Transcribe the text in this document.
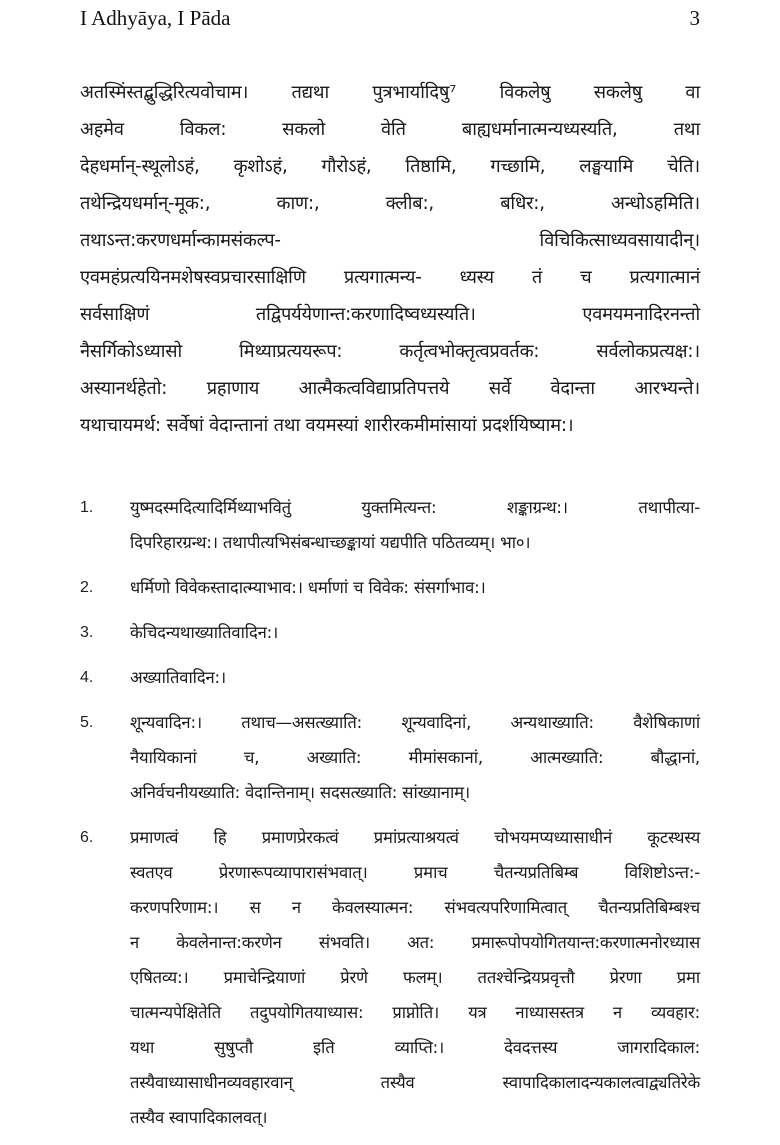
I Adhyāya, I Pāda	3
अतस्मिंस्तद्बुद्धिरित्यवोचाम। तद्यथा पुत्रभार्यादिषु⁷ विकलेषु सकलेषु वा
अहमेव विकल: सकलो वेति बाह्यधर्मानात्मन्यध्यस्यति, तथा
देहधर्मान्-स्थूलोऽहं, कृशोऽहं, गौरोऽहं, तिष्ठामि, गच्छामि, लङ्घयामि चेति।
तथेन्द्रियधर्मान्-मूक:, काण:, क्लीब:, बधिर:, अन्धोऽहमिति।
तथाऽन्त:करणधर्मान्कामसंकल्प- विचिकित्साध्यवसायादीन्।
एवमहंप्रत्ययिनमशेषस्वप्रचारसाक्षिणि प्रत्यगात्मन्य- ध्यस्य तं च प्रत्यगात्मानं
सर्वसाक्षिणं तद्विपर्ययेणान्त:करणादिष्वध्यस्यति। एवमयमनादिरनन्तो
नैसर्गिकोऽध्यासो मिथ्याप्रत्ययरूप: कर्तृत्वभोक्तृत्वप्रवर्तक: सर्वलोकप्रत्यक्ष:।
अस्यानर्थहेतो: प्रहाणाय आत्मैकत्वविद्याप्रतिपत्तये सर्वे वेदान्ता आरभ्यन्ते।
यथाचायमर्थ: सर्वेषां वेदान्तानां तथा वयमस्यां शारीरकमीमांसायां प्रदर्शयिष्याम:।
1.	युष्मदस्मदित्यादिर्मिथ्याभवितुं युक्तमित्यन्त: शङ्काग्रन्थ:। तथापीत्या-
दिपरिहारग्रन्थ:। तथापीत्यभिसंबन्धाच्छङ्कायां यद्यपीति पठितव्यम्। भा०।
2.	धर्मिणो विवेकस्तादात्म्याभाव:। धर्माणां च विवेक: संसर्गाभाव:।
3.	केचिदन्यथाख्यातिवादिन:।
4.	अख्यातिवादिन:।
5.	शून्यवादिन:। तथाच—असत्ख्याति: शून्यवादिनां, अन्यथाख्याति: वैशेषिकाणां
नैयायिकानां च, अख्याति: मीमांसकानां, आत्मख्याति: बौद्धानां,
अनिर्वचनीयख्याति: वेदान्तिनाम्। सदसत्ख्याति: सांख्यानाम्।
6.	प्रमाणत्वं हि प्रमाणप्रेरकत्वं प्रमांप्रत्याश्रयत्वं चोभयमप्यध्यासाधीनं कूटस्थस्य
स्वतएव प्रेरणारूपव्यापारासंभवात्। प्रमाच चैतन्यप्रतिबिम्ब विशिष्टोऽन्त:-
करणपरिणाम:। स न केवलस्यात्मन: संभवत्यपरिणामित्वात् चैतन्यप्रतिबिम्बश्च
न केवलेनान्त:करणेन संभवति। अत: प्रमारूपोपयोगितयान्त:करणात्मनोरध्यास
एषितव्य:। प्रमाचेन्द्रियाणां प्रेरणे फलम्। ततश्चेन्द्रियप्रवृत्तौ प्रेरणा प्रमा
चात्मन्यपेक्षितेति तदुपयोगितयाध्यास: प्राप्नोति। यत्र नाध्यासस्तत्र न व्यवहार:
यथा सुषुप्तौ इति व्याप्ति:। देवदत्तस्य जागरादिकाल:
तस्यैवाध्यासाधीनव्यवहारवान् तस्यैव स्वापादिकालादन्यकालत्वाद्व्यतिरेके
तस्यैव स्वापादिकालवत्।
